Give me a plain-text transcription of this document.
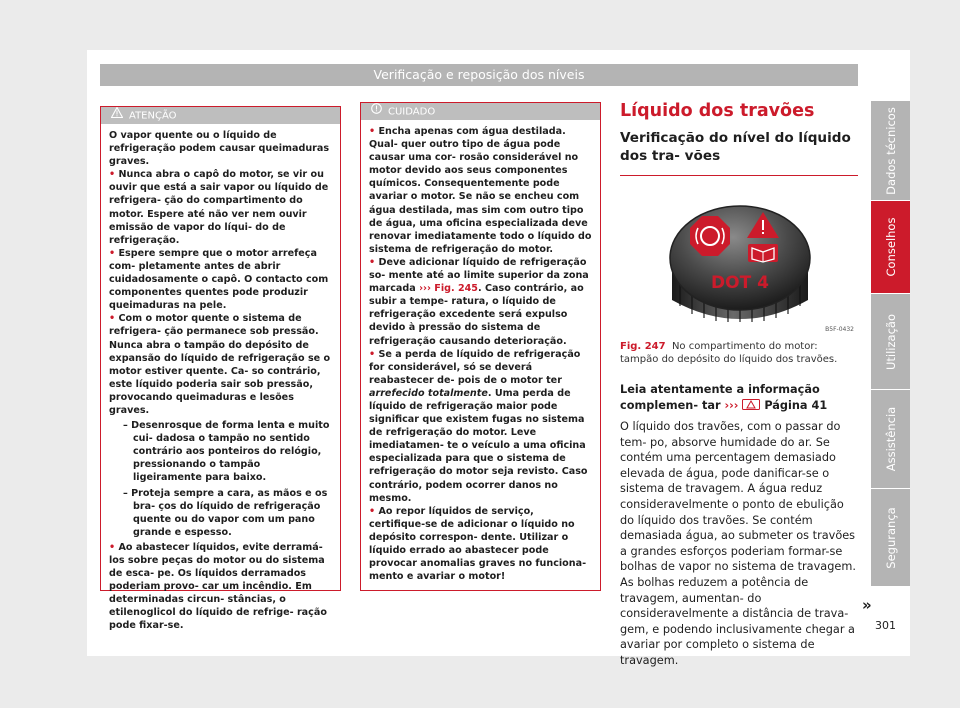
Verificação e reposição dos níveis
ATENÇÃO

O vapor quente ou o líquido de refrigeração podem causar queimaduras graves.

• Nunca abra o capô do motor, se vir ou ouvir que está a sair vapor ou líquido de refrigera- ção do compartimento do motor. Espere até não ver nem ouvir emissão de vapor do líqui- do de refrigeração.

• Espere sempre que o motor arrefeça com- pletamente antes de abrir cuidadosamente o capô. O contacto com componentes quentes pode produzir queimaduras na pele.

• Com o motor quente o sistema de refrigera- ção permanece sob pressão. Nunca abra o tampão do depósito de expansão do líquido de refrigeração se o motor estiver quente. Ca- so contrário, este líquido poderia sair sob pressão, provocando queimaduras e lesões graves.

– Desenrosque de forma lenta e muito cui- dadosa o tampão no sentido contrário aos ponteiros do relógio, pressionando o tampão ligeiramente para baixo.
– Proteja sempre a cara, as mãos e os bra- ços do líquido de refrigeração quente ou do vapor com um pano grande e espesso.

• Ao abastecer líquidos, evite derramá-los sobre peças do motor ou do sistema de esca- pe. Os líquidos derramados poderiam provo- car um incêndio. Em determinadas circun- stâncias, o etilenoglicol do líquido de refrige- ração pode fixar-se.

CUIDADO

• Encha apenas com água destilada. Qual- quer outro tipo de água pode causar uma cor- rosão considerável no motor devido aos seus componentes químicos. Consequentemente pode avariar o motor. Se não se encheu com água destilada, mas sim com outro tipo de água, uma oficina especializada deve renovar imediatamente todo o líquido do sistema de refrigeração do motor.

• Deve adicionar líquido de refrigeração so- mente até ao limite superior da zona marcada ››› Fig. 245. Caso contrário, ao subir a tempe- ratura, o líquido de refrigeração excedente será expulso devido à pressão do sistema de refrigeração causando deterioração.

• Se a perda de líquido de refrigeração for considerável, só se deverá reabastecer de- pois de o motor ter arrefecido totalmente. Uma perda de líquido de refrigeração maior pode significar que existem fugas no sistema de refrigeração do motor. Leve imediatamen- te o veículo a uma oficina especializada para que o sistema de refrigeração do motor seja revisto. Caso contrário, podem ocorrer danos no mesmo.

• Ao repor líquidos de serviço, certifique-se de adicionar o líquido no depósito correspon- dente. Utilizar o líquido errado ao abastecer pode provocar anomalias graves no funciona- mento e avariar o motor!

Líquido dos travões
Verificação do nível do líquido dos tra- vões
DOT 4
B5F-0432
Fig. 247 No compartimento do motor: tampão do depósito do líquido dos travões.
Leia atentamente a informação complemen- tar ››› Página 41
O líquido dos travões, com o passar do tem- po, absorve humidade do ar. Se contém uma percentagem demasiado elevada de água, pode danificar-se o sistema de travagem. A água reduz consideravelmente o ponto de ebulição do líquido dos travões. Se contém demasiada água, ao submeter os travões a grandes esforços poderiam formar-se bolhas de vapor no sistema de travagem. As bolhas reduzem a potência de travagem, aumentan- do consideravelmente a distância de trava- gem, e podendo inclusivamente chegar a avariar por completo o sistema de travagem.
»
301
Dados técnicos
Conselhos
Utilização
Assistência
Segurança
